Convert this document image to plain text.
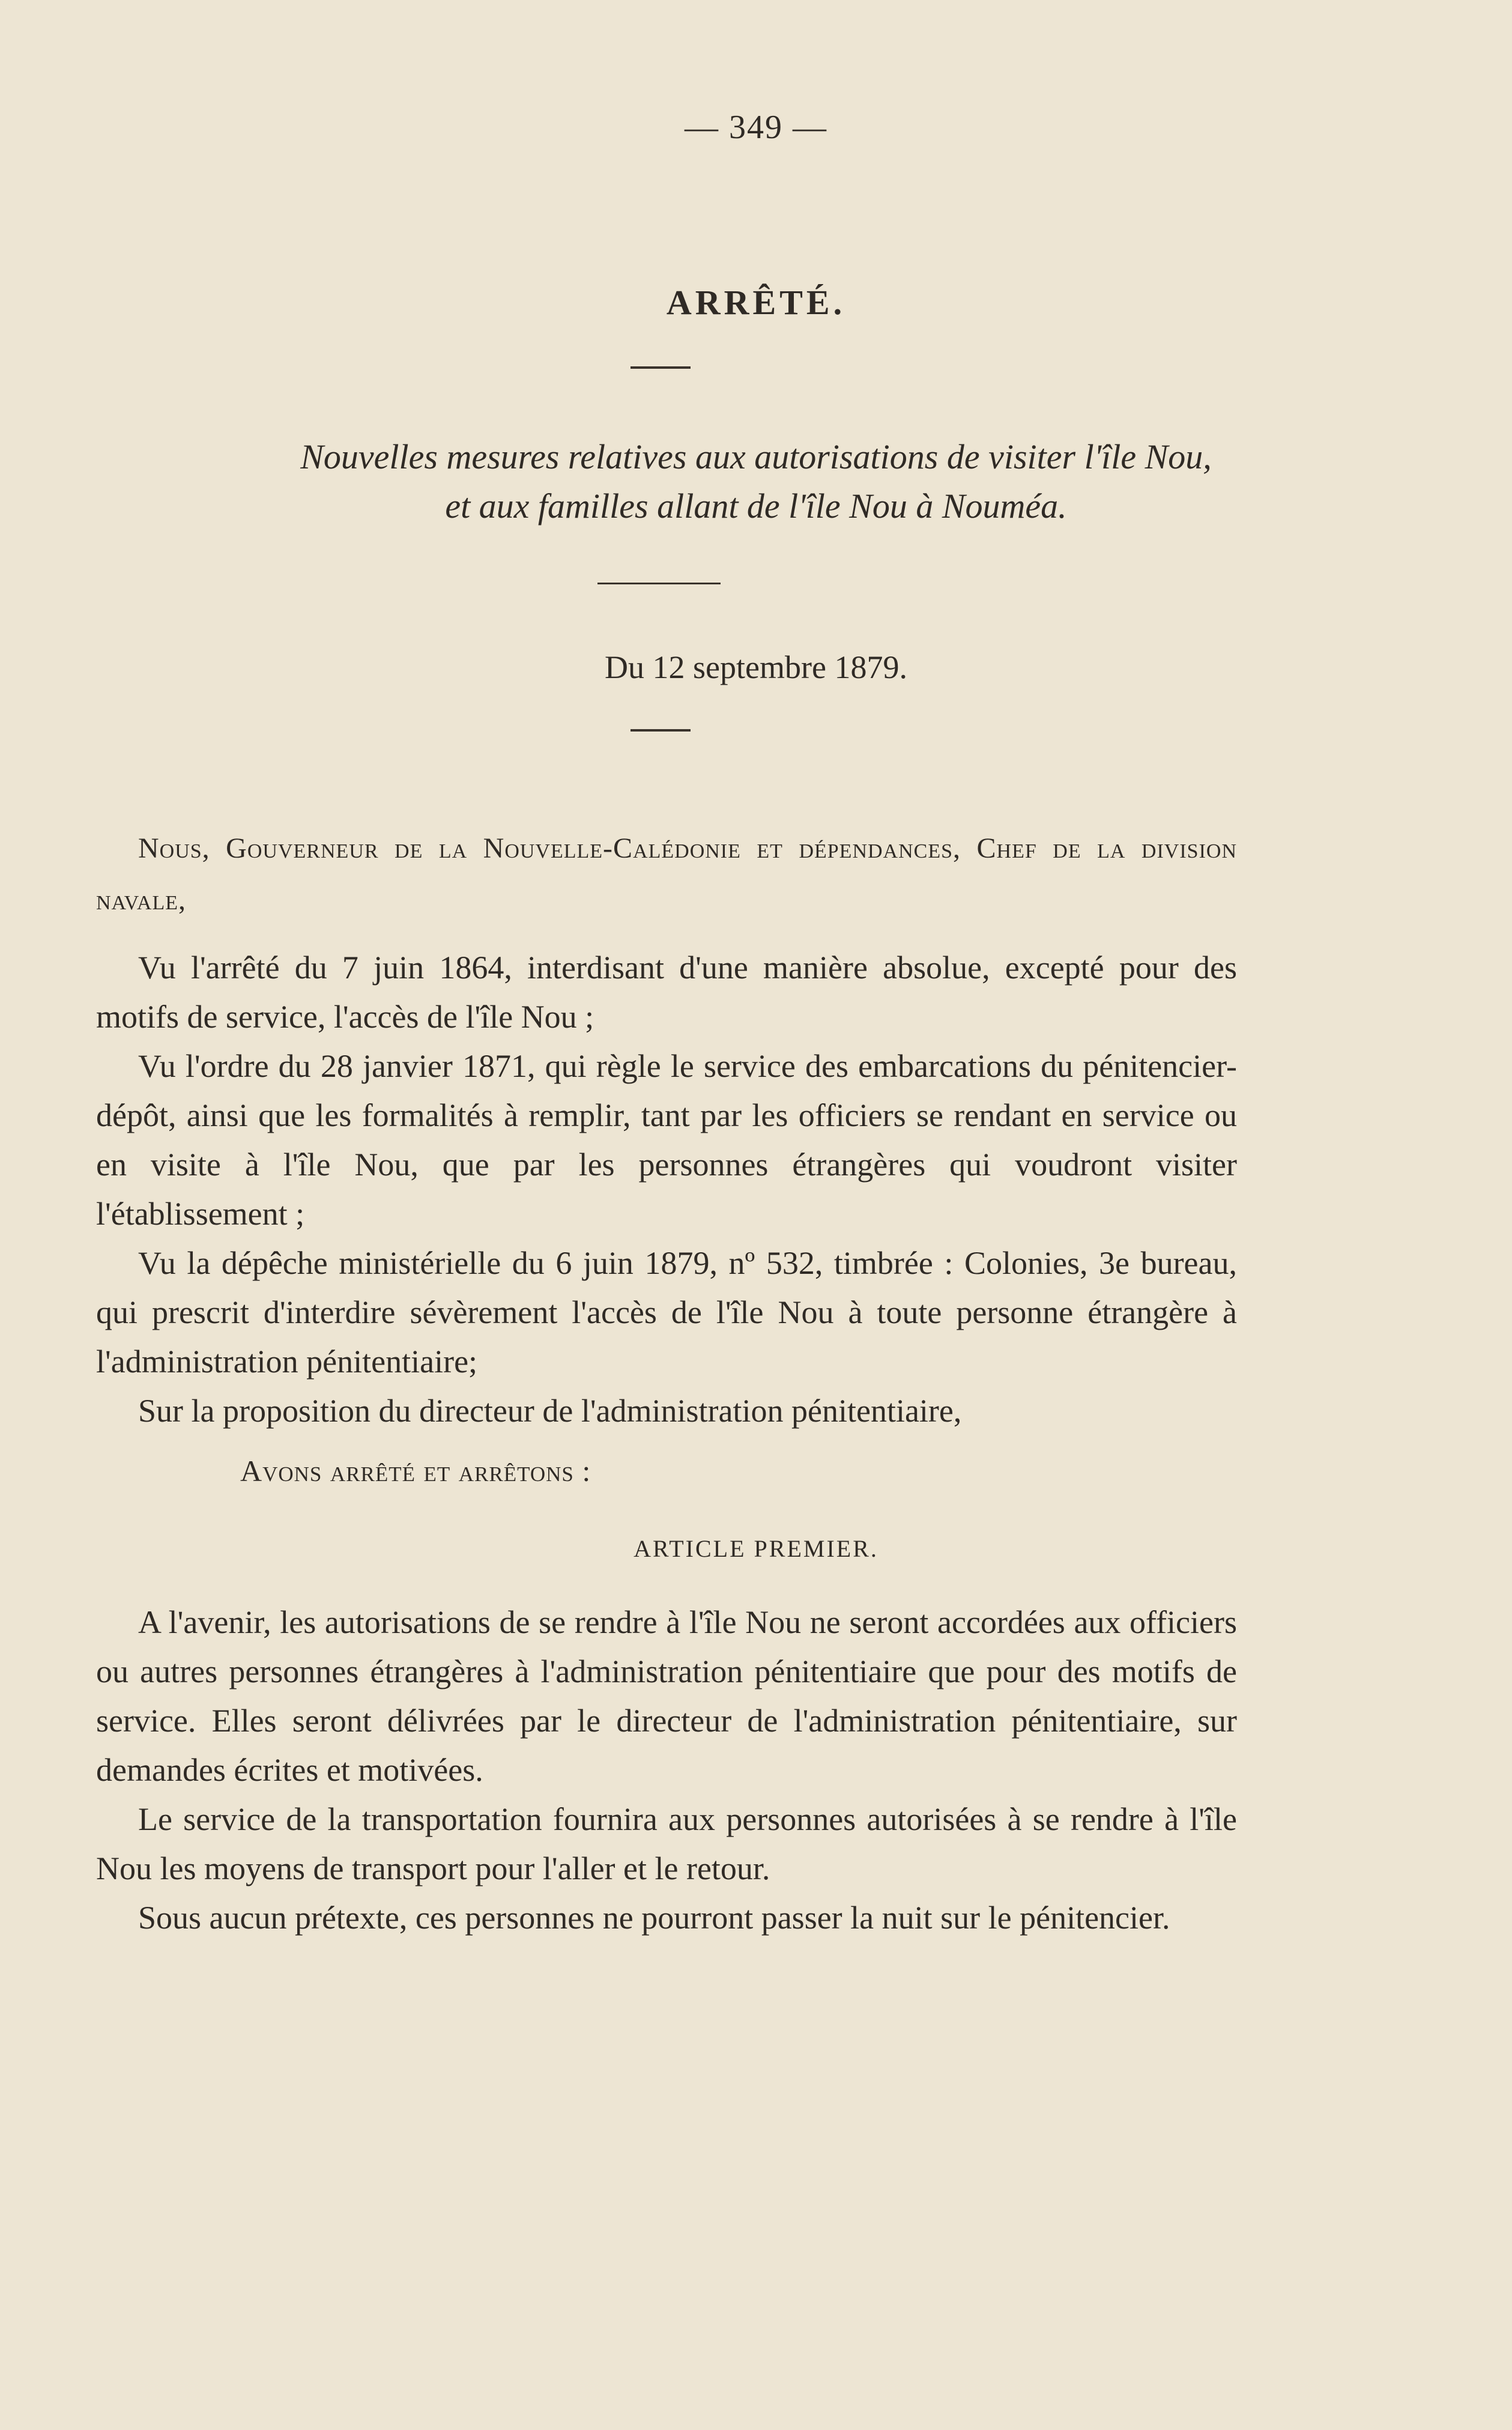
— 349 —
ARRÊTÉ.
Nouvelles mesures relatives aux autorisations de visiter l'île Nou,
et aux familles allant de l'île Nou à Nouméa.
Du 12 septembre 1879.

Nous, Gouverneur de la Nouvelle-Calédonie et dépendances, Chef de la division navale,

Vu l'arrêté du 7 juin 1864, interdisant d'une manière absolue, excepté pour des motifs de service, l'accès de l'île Nou ;

Vu l'ordre du 28 janvier 1871, qui règle le service des embarcations du pénitencier-dépôt, ainsi que les formalités à remplir, tant par les officiers se rendant en service ou en visite à l'île Nou, que par les personnes étrangères qui voudront visiter l'établissement ;

Vu la dépêche ministérielle du 6 juin 1879, nº 532, timbrée : Colonies, 3e bureau, qui prescrit d'interdire sévèrement l'accès de l'île Nou à toute personne étrangère à l'administration pénitentiaire;

Sur la proposition du directeur de l'administration pénitentiaire,

Avons arrêté et arrêtons :
ARTICLE PREMIER.

A l'avenir, les autorisations de se rendre à l'île Nou ne seront accordées aux officiers ou autres personnes étrangères à l'administration pénitentiaire que pour des motifs de service. Elles seront délivrées par le directeur de l'administration pénitentiaire, sur demandes écrites et motivées.

Le service de la transportation fournira aux personnes autorisées à se rendre à l'île Nou les moyens de transport pour l'aller et le retour.

Sous aucun prétexte, ces personnes ne pourront passer la nuit sur le pénitencier.
